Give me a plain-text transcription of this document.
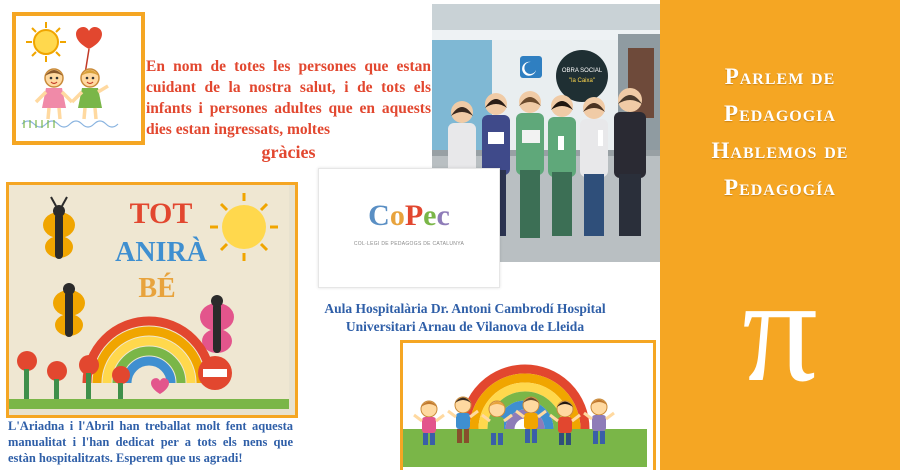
En nom de totes les persones que estan cuidant de la nostra salut, i de tots els infants i persones adultes que en aquests dies estan ingressats, moltes
gràcies
OBRA SOCIAL
"la Caixa"
CoPec
COL·LEGI DE PEDAGOGS DE CATALUNYA
Aula Hospitalària Dr. Antoni Cambrodí Hospital Universitari Arnau de Vilanova de Lleida
TOT
ANIRÀ
BÉ
L'Ariadna i l'Abril han treballat molt fent aquesta manualitat i l'han dedicat per a tots els nens que estàn hospitalitzats. Esperem que us agradi!
Parlem de
Pedagogia
Hablemos de
Pedagogía
π
